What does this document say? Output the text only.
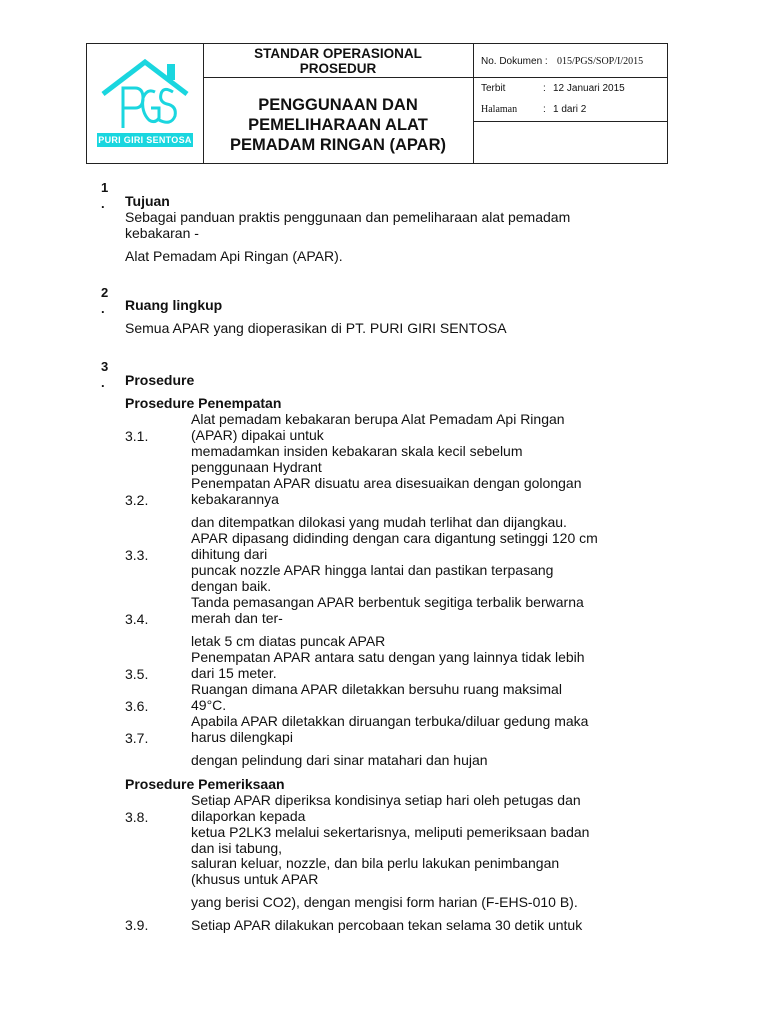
PURI GIRI SENTOSA
STANDAR OPERASIONAL
PROSEDUR
PENGGUNAAN DAN
PEMELIHARAAN ALAT
PEMADAM RINGAN (APAR)
No. Dokumen : 015/PGS/SOP/I/2015
Terbit	: 12 Januari 2015
Halaman	: 1 dari 2
1
. Tujuan
Sebagai panduan praktis penggunaan dan pemeliharaan alat pemadam
kebakaran -
Alat Pemadam Api Ringan (APAR).
2
. Ruang lingkup
Semua APAR yang dioperasikan di PT. PURI GIRI SENTOSA
3
. Prosedure
Prosedure Penempatan
Alat pemadam kebakaran berupa Alat Pemadam Api Ringan
3.1.	(APAR) dipakai untuk
memadamkan insiden kebakaran skala kecil sebelum
penggunaan Hydrant
Penempatan APAR disuatu area disesuaikan dengan golongan
3.2.	kebakarannya
dan ditempatkan dilokasi yang mudah terlihat dan dijangkau.
APAR dipasang didinding dengan cara digantung setinggi 120 cm
3.3.	dihitung dari
puncak nozzle APAR hingga lantai dan pastikan terpasang
dengan baik.
Tanda pemasangan APAR berbentuk segitiga terbalik berwarna
3.4.	merah dan ter-
letak 5 cm diatas puncak APAR
Penempatan APAR antara satu dengan yang lainnya tidak lebih
3.5.	dari 15 meter.
Ruangan dimana APAR diletakkan bersuhu ruang maksimal
3.6.	49°C.
Apabila APAR diletakkan diruangan terbuka/diluar gedung maka
3.7.	harus dilengkapi
dengan pelindung dari sinar matahari dan hujan
Prosedure Pemeriksaan
Setiap APAR diperiksa kondisinya setiap hari oleh petugas dan
3.8.	dilaporkan kepada
ketua P2LK3 melalui sekertarisnya, meliputi pemeriksaan badan
dan isi tabung,
saluran keluar, nozzle, dan bila perlu lakukan penimbangan
(khusus untuk APAR
yang berisi CO2), dengan mengisi form harian (F-EHS-010 B).
3.9.	Setiap APAR dilakukan percobaan tekan selama 30 detik untuk
